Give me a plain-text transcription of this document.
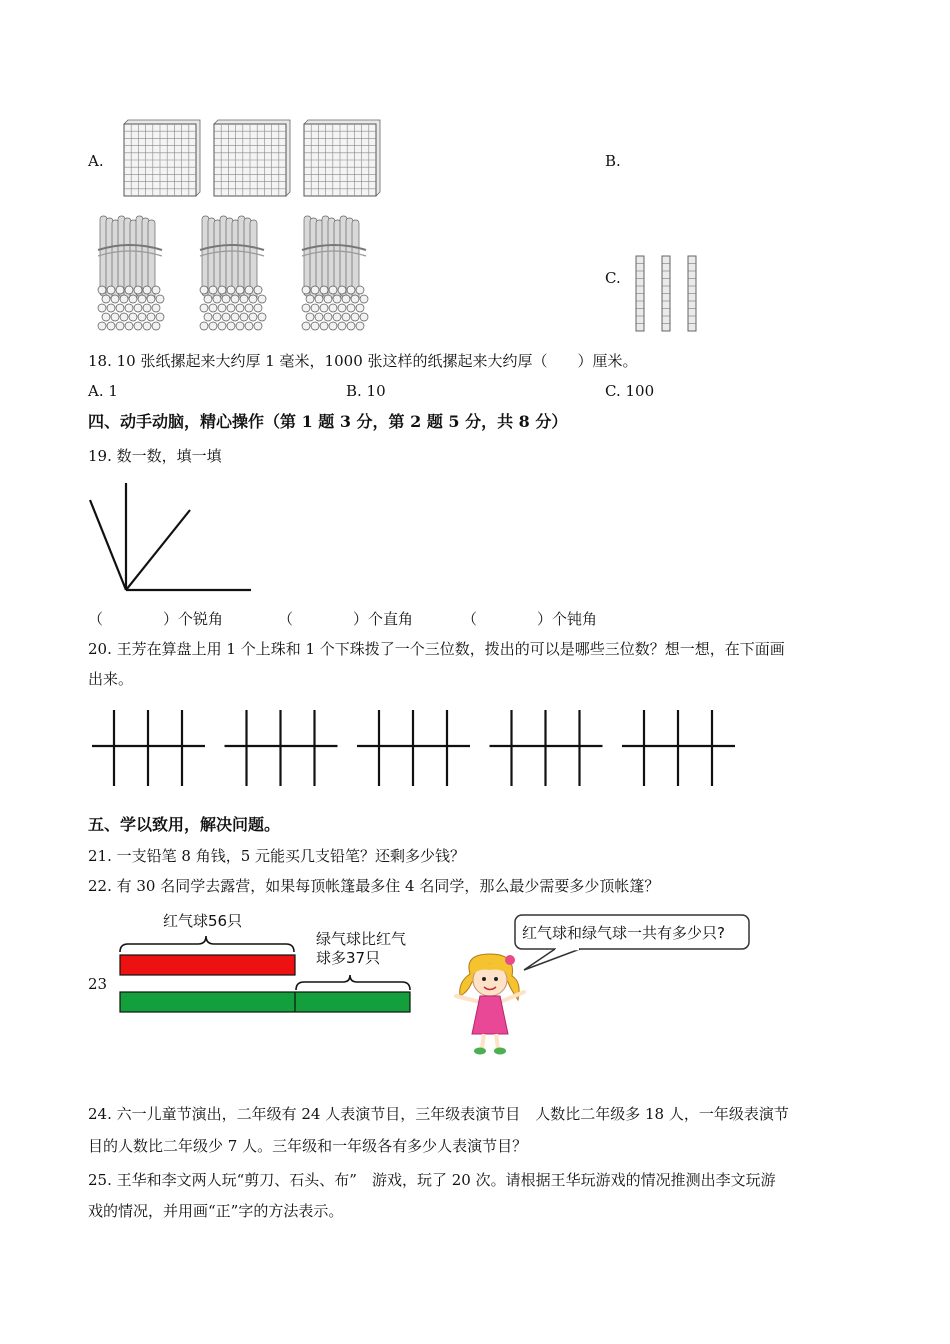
A.	B.
C.
18. 10 张纸摞起来大约厚 1 毫米，1000 张这样的纸摞起来大约厚（　　）厘米。
A. 1	B. 10	C. 100
四、动手动脑，精心操作（第 1 题 3 分，第 2 题 5 分，共 8 分）
19. 数一数，填一填
（　　　　）个锐角	（　　　　）个直角	（　　　　）个钝角
20. 王芳在算盘上用 1 个上珠和 1 个下珠拨了一个三位数，拨出的可以是哪些三位数？想一想，在下面画
出来。
五、学以致用，解决问题。
21. 一支铅笔 8 角钱，5 元能买几支铅笔？还剩多少钱？
22. 有 30 名同学去露营，如果每顶帐篷最多住 4 名同学，那么最少需要多少顶帐篷？
23
红气球56只
绿气球比红气
球多37只
红气球和绿气球一共有多少只?
24. 六一儿童节演出，二年级有 24 人表演节目，三年级表演节目　人数比二年级多 18 人，一年级表演节
目的人数比二年级少 7 人。三年级和一年级各有多少人表演节目？
25. 王华和李文两人玩“剪刀、石头、布”　游戏，玩了 20 次。请根据王华玩游戏的情况推测出李文玩游
戏的情况，并用画“正”字的方法表示。
